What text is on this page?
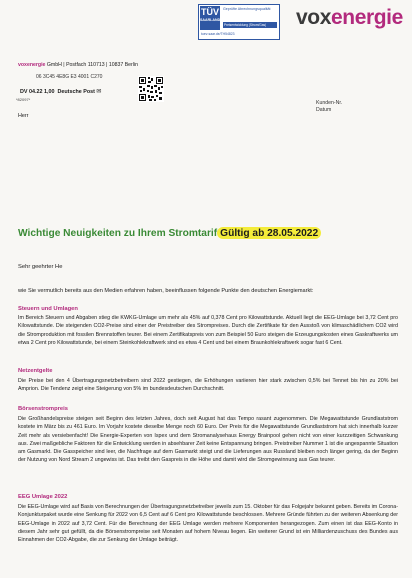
TÜV
SAARLAND
Geprüfte Abrechnungsqualität
Preisentwicklung (Strom/Gas)
tuev-saar.de/TH54823
voxenergie
voxenergie GmbH | Postfach 110713 | 10837 Berlin
06 3C45 4E8G E3 4001 C270
DV 04.22 1,00 Deutsche Post ✉
*82097*
Herr
Kunden-Nr.
Datum
Wichtige Neuigkeiten zu Ihrem Stromtarif Gültig ab 28.05.2022
Sehr geehrter He
wie Sie vermutlich bereits aus den Medien erfahren haben, beeinflussen folgende Punkte den deutschen Energiemarkt:
Steuern und Umlagen
Im Bereich Steuern und Abgaben stieg die KWKG-Umlage um mehr als 45% auf 0,378 Cent pro Kilowattstunde. Aktuell liegt die EEG-Umlage bei 3,72 Cent pro Kilowattstunde. Die steigenden CO2-Preise sind einer der Preistreiber des Strompreises. Durch die Zertifikate für den Ausstoß von klimaschädlichem CO2 wird die Stromproduktion mit fossilen Brennstoffen teurer. Bei einem Zertifikatspreis von zum Beispiel 50 Euro steigen die Erzeugungskosten eines Gaskraftwerks um etwa 2 Cent pro Kilowattstunde, bei einem Steinkohlekraftwerk sind es etwa 4 Cent und bei einem Braunkohlekraftwerk sogar fast 6 Cent.
Netzentgelte
Die Preise bei den 4 Übertragungsnetzbetreibern sind 2022 gestiegen, die Erhöhungen variieren hier stark zwischen 0,5% bei Tennet bis hin zu 20% bei Amprion. Die Tendenz zeigt eine Steigerung von 5% im bundesdeutschen Durchschnitt.
Börsenstrompreis
Die Großhandelspreise steigen seit Beginn des letzten Jahres, doch seit August hat das Tempo rasant zugenommen. Die Megawattstunde Grundlaststrom kostete im März bis zu 461 Euro. Im Vorjahr kostete dieselbe Menge noch 60 Euro. Der Preis für die Megawattstunde Grundlaststrom hat sich innerhalb kurzer Zeit mehr als versiebenfacht! Die Energie-Experten von Ispex und dem Stromanalysehaus Energy Brainpool gehen nicht von einer kurzzeitigen Schwankung aus. Zwei maßgebliche Faktoren für die Entwicklung werden in absehbarer Zeit keine Entspannung bringen. Preistreiber Nummer 1 ist die angespannte Situation am Gasmarkt. Die Gasspeicher sind leer, die Nachfrage auf dem Gasmarkt steigt und die Lieferungen aus Russland bleiben noch länger gering, da der Beginn der Nutzung von Nord Stream 2 ungewiss ist. Das treibt den Gaspreis in die Höhe und damit wird die Stromgewinnung aus Gas teurer.
EEG Umlage 2022
Die EEG-Umlage wird auf Basis von Berechnungen der Übertragungsnetzbetreiber jeweils zum 15. Oktober für das Folgejahr bekannt geben. Bereits im Corona-Konjunkturpaket wurde eine Senkung für 2022 von 6,5 Cent auf 6 Cent pro Kilowattstunde beschlossen. Mehrere Gründe führten zu der weiteren Absenkung der EEG-Umlage in 2022 auf 3,72 Cent. Für die Berechnung der EEG Umlage werden mehrere Komponenten herangezogen. Zum einen ist das EEG-Konto in diesem Jahr sehr gut gefüllt, da die Börsenstrompreise seit Monaten auf hohem Niveau liegen. Ein weiterer Grund ist ein Milliardenzuschuss des Bundes aus Einnahmen der CO2-Abgabe, die zur Senkung der Umlage beiträgt.
